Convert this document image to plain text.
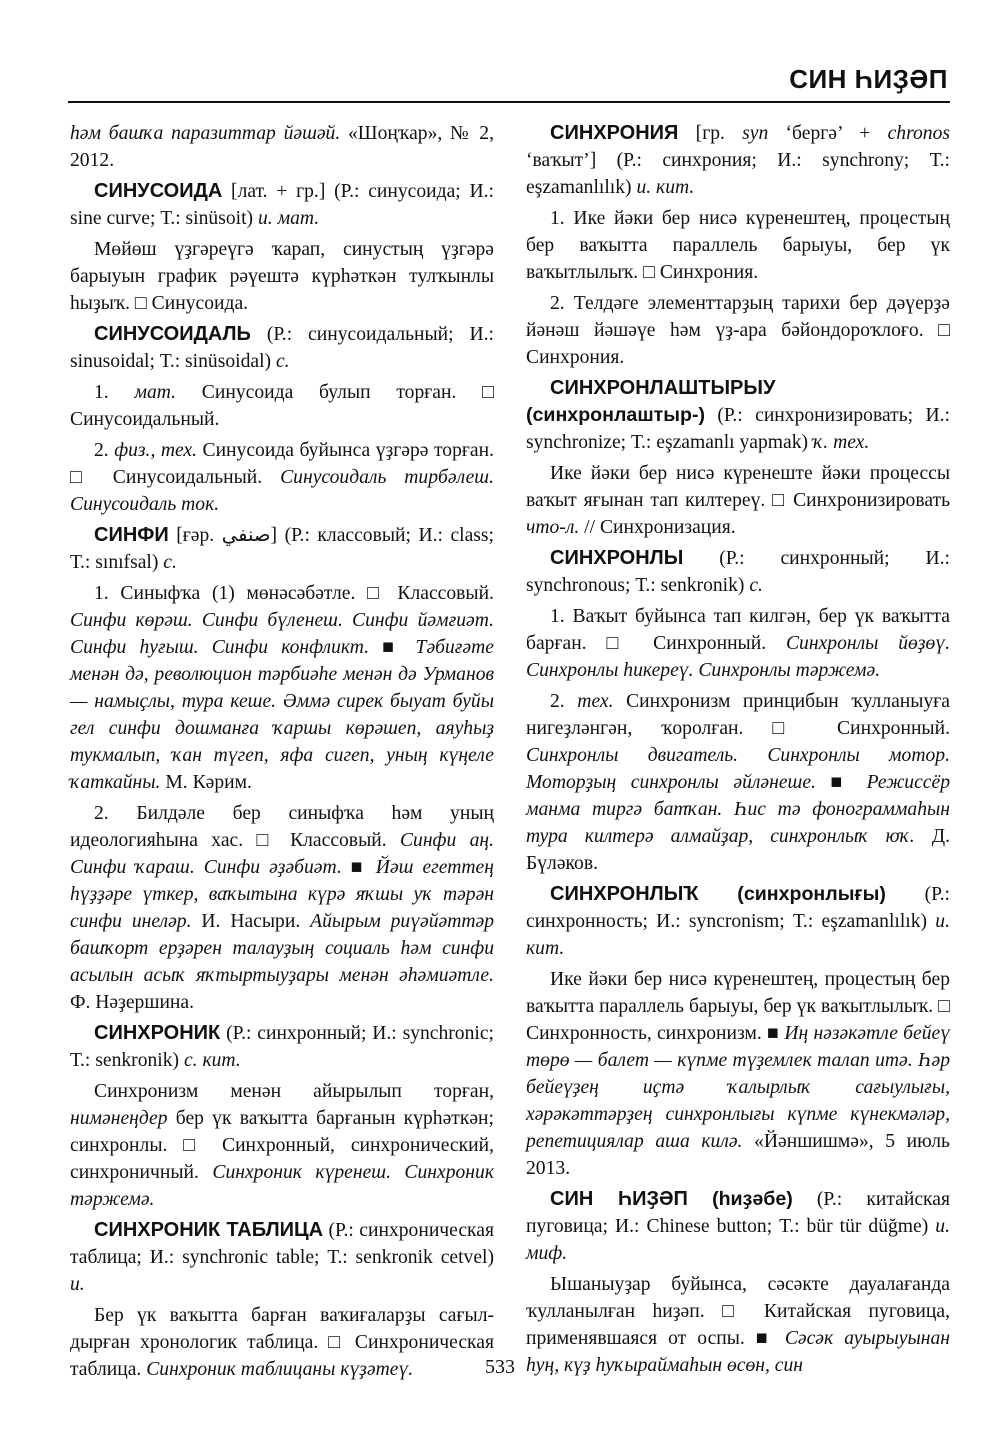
СИН ҺИҘӘП

һәм башҡа паразиттар йәшәй. «Шоңҡар», № 2, 2012.

СИНУСОИДА [лат. + гр.] (Р.: синусоида; И.: sine curve; Т.: sinüsoit) и. мат.

Мөйөш үҙгәреүгә ҡарап, синустың үҙгәрә барыуын график рәүештә күрһәткән тулҡынлы һыҙыҡ. □ Синусоида.

СИНУСОИДАЛЬ (Р.: синусоидальный; И.: sinusoidal; Т.: sinüsoidal) с.

1. мат. Синусоида булып торған. □ Синусоидальный.

2. физ., тех. Синусоида буйынса үҙгәрә торған. □ Синусоидальный. Синусоидаль тирбәлеш. Синусоидаль ток.

СИНФИ [ғәр. صنفي] (Р.: классовый; И.: class; Т.: sınıfsal) с.

1. Синыфҡа (1) мөнәсәбәтле. □ Классовый. Синфи көрәш. Синфи бүленеш. Синфи йәмғиәт. Синфи һуғыш. Синфи конфликт. ■ Тәбиғәте менән дә, революцион тәрбиәһе менән дә Урманов — намыҫлы, тура кеше. Әммә сирек быуат буйы гел синфи дошманға ҡаршы көрәшеп, аяуһыҙ тукмалып, ҡан түгеп, яфа сигеп, уның күңеле ҡаткайны. М. Кәрим.

2. Билдәле бер синыфҡа һәм уның идеологияһына хас. □ Классовый. Синфи аң. Синфи ҡараш. Синфи әҙәбиәт. ■ Йәш егеттең һүҙҙәре үткер, ваҡытына күрә яҡшы уҡ тәрән синфи инеләр. И. Насыри. Айырым риүәйәттәр башҡорт ерҙәрен талауҙың социаль һәм синфи асылын асыҡ яҡтыртыуҙары менән әһәмиәтле. Ф. Нәҙершина.

СИНХРОНИК (Р.: синхронный; И.: synchronic; Т.: senkronik) с. кит.

Синхронизм менән айырылып торған, нимәнеңдер бер үк ваҡытта барғанын күрһәткән; синхронлы. □ Синхронный, синхронический, синхроничный. Синхроник күренеш. Синхроник тәржемә.

СИНХРОНИК ТАБЛИЦА (Р.: синхроническая таблица; И.: synchronic table; Т.: senkronik cetvel) и.

Бер үк ваҡытта барған ваҡиғаларҙы сағылдырған хронологик таблица. □ Синхроническая таблица. Синхроник таблицаны күҙәтеү.

СИНХРОНИЯ [гр. syn ‘бергә’ + chronos ‘ваҡыт’] (Р.: синхрония; И.: synchrony; Т.: eşzamanlılık) и. кит.

1. Ике йәки бер нисә күренештең, процестың бер ваҡытта параллель барыуы, бер үк ваҡытлылыҡ. □ Синхрония.

2. Телдәге элементтарҙың тарихи бер дәүерҙә йәнәш йәшәүе һәм үҙ-ара бәйондороҡлоғо. □ Синхрония.

СИНХРОНЛАШТЫРЫУ (синхронлаштыр-) (Р.: синхронизировать; И.: synchronize; Т.: eşzamanlı yapmak) ҡ. тех.

Ике йәки бер нисә күренеште йәки процессы ваҡыт яғынан тап килтереү. □ Синхронизировать что-л. // Синхронизация.

СИНХРОНЛЫ (Р.: синхронный; И.: synchronous; Т.: senkronik) с.

1. Ваҡыт буйынса тап килгән, бер үк ваҡытта барған. □ Синхронный. Синхронлы йөҙөү. Синхронлы һикереү. Синхронлы тәржемә.

2. тех. Синхронизм принцибын ҡулланыуға нигеҙләнгән, ҡоролған. □ Синхронный. Синхронлы двигатель. Синхронлы мотор. Моторҙың синхронлы әйләнеше. ■ Режиссёр манма тиргә батҡан. Һис тә фонограммаһын тура килтерә алмайҙар, синхронлыҡ юҡ. Д. Бүләков.

СИНХРОНЛЫҠ (синхронлығы) (Р.: синхронность; И.: syncronism; Т.: eşzamanlılık) и. кит.

Ике йәки бер нисә күренештең, процестың бер ваҡытта параллель барыуы, бер үк ваҡытлылыҡ. □ Синхронность, синхронизм. ■ Иң нәзәкәтле бейеү төрө — балет — күпме түҙемлек талап итә. Һәр бейеүҙең иҫтә ҡалырлыҡ сағыулығы, хәрәкәттәрҙең синхронлығы күпме күнекмәләр, репетициялар аша килә. «Йәншишмә», 5 июль 2013.

СИН ҺИҘӘП (һиҙәбе) (Р.: китайская пуговица; И.: Chinese button; Т.: bür tür düğme) и. миф.

Ышаныуҙар буйынса, сәсәкте дауалағанда ҡулланылған һиҙәп. □ Китайская пуговица, применявшаяся от оспы. ■ Сәсәк ауырыуынан һуң, күҙ һуҡыраймаһын өсөн, син

533
